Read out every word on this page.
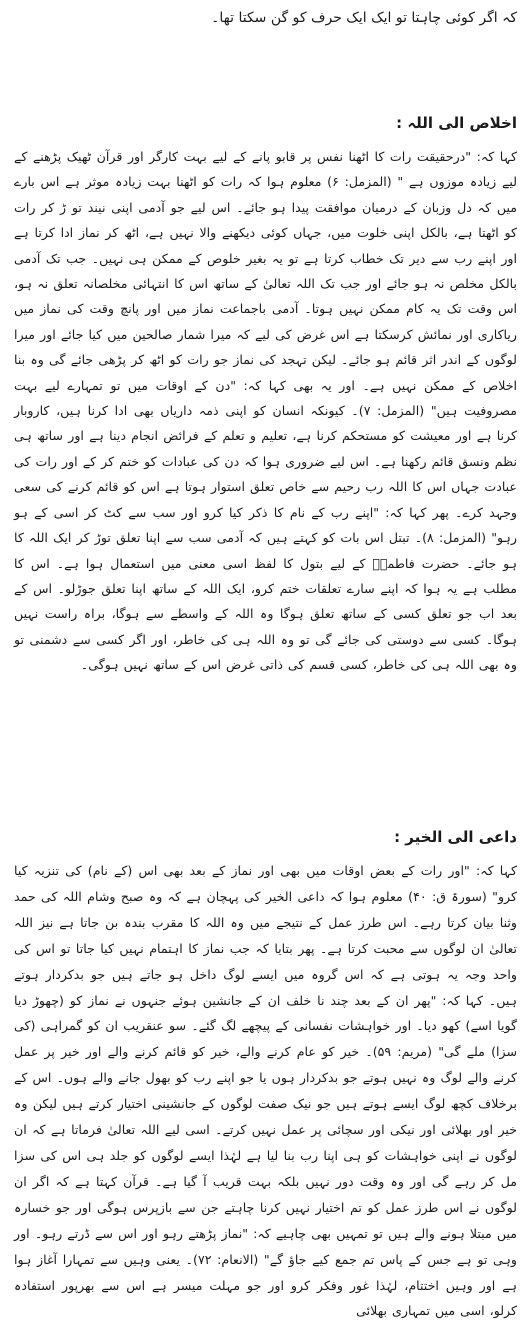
کہ اگر کوئی چاہتا تو ایک ایک حرف کو گن سکتا تھا۔
اخلاص الی اللہ :

کہا کہ: "درحقیقت رات کا اٹھنا نفس پر قابو پانے کے لیے بہت کارگر اور قرآن ٹھیک پڑھنے کے لیے زیادہ موزوں ہے " (المزمل: ۶) معلوم ہوا کہ رات کو اٹھنا بہت زیادہ موثر ہے اس بارے میں کہ دل وزبان کے درمیان موافقت پیدا ہو جائے۔ اس لیے جو آدمی اپنی نیند تو ڑ کر رات کو اٹھتا ہے، بالکل اپنی خلوت میں، جہاں کوئی دیکھنے والا نہیں ہے، اٹھ کر نماز ادا کرتا ہے اور اپنے رب سے دیر تک خطاب کرتا ہے تو یہ بغیر خلوص کے ممکن ہی نہیں۔ جب تک آدمی بالکل مخلص نہ ہو جائے اور جب تک اللہ تعالیٰ کے ساتھ اس کا انتہائی مخلصانہ تعلق نہ ہو، اس وقت تک یہ کام ممکن نہیں ہوتا۔ آدمی باجماعت نماز میں اور پانچ وقت کی نماز میں ریاکاری اور نمائش کرسکتا ہے اس غرض کی لیے کہ میرا شمار صالحین میں کیا جائے اور میرا لوگوں کے اندر اثر قائم ہو جائے۔ لیکن تہجد کی نماز جو رات کو اٹھ کر پڑھی جائے گی وہ بنا اخلاص کے ممکن نہیں ہے۔ اور یہ بھی کہا کہ: "دن کے اوقات میں تو تمہارے لیے بہت مصروفیت ہیں" (المزمل: ۷)۔ کیونکہ انسان کو اپنی ذمہ داریاں بھی ادا کرنا ہیں، کاروبار کرنا ہے اور معیشت کو مستحکم کرنا ہے، تعلیم و تعلم کے فرائض انجام دینا ہے اور ساتھ ہی نظم ونسق قائم رکھنا ہے۔ اس لیے ضروری ہوا کہ دن کی عبادات کو ختم کر کے اور رات کی عبادت جہاں اس کا اللہ رب رحیم سے خاص تعلق استوار ہوتا ہے اس کو قائم کرنے کی سعی وجہد کرے۔ پھر کہا کہ: "اپنے رب کے نام کا ذکر کیا کرو اور سب سے کٹ کر اسی کے ہو رہو" (المزمل: ۸)۔ تبتل اس بات کو کہتے ہیں کہ آدمی سب سے اپنا تعلق توڑ کر ایک اللہ کا ہو جائے۔ حضرت فاطمہؓ کے لیے بتول کا لفظ اسی معنی میں استعمال ہوا ہے۔ اس کا مطلب ہے یہ ہوا کہ اپنے سارے تعلقات ختم کرو، ایک اللہ کے ساتھ اپنا تعلق جوڑلو۔ اس کے بعد اب جو تعلق کسی کے ساتھ تعلق ہوگا وہ اللہ کے واسطے سے ہوگا، براہ راست نہیں ہوگا۔ کسی سے دوستی کی جائے گی تو وہ اللہ ہی کی خاطر، اور اگر کسی سے دشمنی تو وہ بھی اللہ ہی کی خاطر، کسی قسم کی ذاتی غرض اس کے ساتھ نہیں ہوگی۔

داعی الی الخیر :

کہا کہ: "اور رات کے بعض اوقات میں بھی اور نماز کے بعد بھی اس (کے نام) کی تنزیہ کیا کرو" (سورۃ ق: ۴۰) معلوم ہوا کہ داعی الخیر کی پہچان ہے کہ وہ صبح وشام اللہ کی حمد وثنا بیان کرتا رہے۔ اس طرز عمل کے نتیجے میں وہ اللہ کا مقرب بندہ بن جاتا ہے نیز اللہ تعالیٰ ان لوگوں سے محبت کرتا ہے۔ پھر بتایا کہ جب نماز کا اہتمام نہیں کیا جاتا تو اس کی واحد وجہ یہ ہوتی ہے کہ اس گروہ میں ایسے لوگ داخل ہو جاتے ہیں جو بدکردار ہوتے ہیں۔ کہا کہ: "پھر ان کے بعد چند نا خلف ان کے جانشین ہوئے جنہوں نے نماز کو (چھوڑ دیا گویا اسے) کھو دیا۔ اور خواہشات نفسانی کے پیچھے لگ گئے۔ سو عنقریب ان کو گمراہی (کی سزا) ملے گی" (مریم: ۵۹)۔ خیر کو عام کرنے والے، خیر کو قائم کرنے والے اور خیر پر عمل کرنے والے لوگ وہ نہیں ہوتے جو بدکردار ہوں یا جو اپنے رب کو بھول جانے والے ہوں۔ اس کے برخلاف کچھ لوگ ایسے ہوتے ہیں جو نیک صفت لوگوں کے جانشینی اختیار کرتے ہیں لیکن وہ خیر اور بھلائی اور نیکی اور سچائی پر عمل نہیں کرتے۔ اسی لیے اللہ تعالیٰ فرماتا ہے کہ ان لوگوں نے اپنی خواہشات کو ہی اپنا رب بنا لیا ہے لہٰذا ایسے لوگوں کو جلد ہی اس کی سزا مل کر رہے گی اور وہ وقت دور نہیں بلکہ بہت قریب آ گیا ہے۔ قرآن کہتا ہے کہ اگر ان لوگوں نے اس طرز عمل کو تم اختیار نہیں کرنا چاہتے جن سے بازپرس ہوگی اور جو خسارہ میں مبتلا ہونے والے ہیں تو تمہیں بھی چاہیے کہ: "نماز پڑھتے رہو اور اس سے ڈرتے رہو۔ اور وہی تو ہے جس کے پاس تم جمع کیے جاؤ گے" (الانعام: ۷۲)۔ یعنی وہیں سے تمہارا آغاز ہوا ہے اور وہیں اختتام، لہٰذا غور وفکر کرو اور جو مہلت میسر ہے اس سے بھرپور استفادہ کرلو، اسی میں تمہاری بھلائی
